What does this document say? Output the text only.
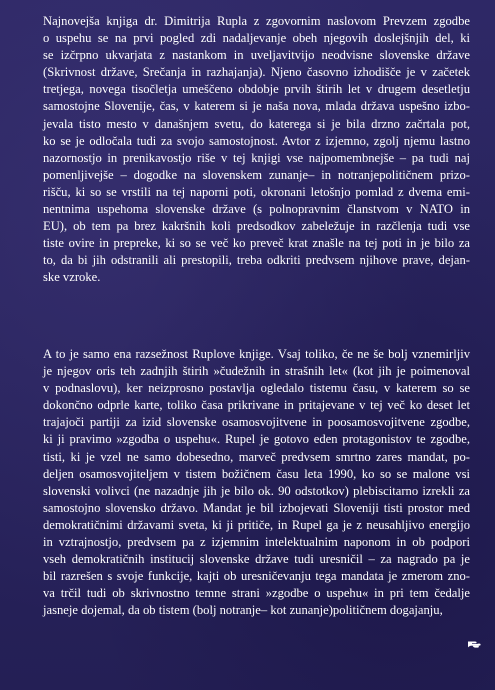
Najnovejša knjiga dr. Dimitrija Rupla z zgovornim naslovom Prevzem zgodbe
o uspehu se na prvi pogled zdi nadaljevanje obeh njegovih doslejšnjih del, ki
se izčrpno ukvarjata z nastankom in uveljavitvijo neodvisne slovenske države
(Skrivnost države, Srečanja in razhajanja). Njeno časovno izhodišče je v začetek
tretjega, novega tisočletja umeščeno obdobje prvih štirih let v drugem desetletju
samostojne Slovenije, čas, v katerem si je naša nova, mlada država uspešno izbo-
jevala tisto mesto v današnjem svetu, do katerega si je bila drzno začrtala pot,
ko se je odločala tudi za svojo samostojnost. Avtor z izjemno, zgolj njemu lastno
nazornostjo in prenikavostjo riše v tej knjigi vse najpomembnejše – pa tudi naj
pomenljivejše – dogodke na slovenskem zunanje– in notranjepolitičnem prizo-
rišču, ki so se vrstili na tej naporni poti, okronani letošnjo pomlad z dvema emi-
nentnima uspehoma slovenske države (s polnopravnim članstvom v NATO in
EU), ob tem pa brez kakršnih koli predsodkov zabeležuje in razčlenja tudi vse
tiste ovire in prepreke, ki so se več ko preveč krat znašle na tej poti in je bilo za
to, da bi jih odstranili ali prestopili, treba odkriti predvsem njihove prave, dejan-
ske vzroke.
A to je samo ena razsežnost Ruplove knjige. Vsaj toliko, če ne še bolj vznemirljiv
je njegov oris teh zadnjih štirih »čudežnih in strašnih let« (kot jih je poimenoval
v podnaslovu), ker neizprosno postavlja ogledalo tistemu času, v katerem so se
dokončno odprle karte, toliko časa prikrivane in pritajevane v tej več ko deset let
trajajoči partiji za izid slovenske osamosvojitvene in poosamosvojitvene zgodbe,
ki ji pravimo »zgodba o uspehu«. Rupel je gotovo eden protagonistov te zgodbe,
tisti, ki je vzel ne samo dobesedno, marveč predvsem smrtno zares mandat, po-
deljen osamosvojiteljem v tistem božičnem času leta 1990, ko so se malone vsi
slovenski volivci (ne nazadnje jih je bilo ok. 90 odstotkov) plebiscitarno izrekli za
samostojno slovensko državo. Mandat je bil izbojevati Sloveniji tisti prostor med
demokratičnimi državami sveta, ki ji pritiče, in Rupel ga je z neusahljivo energijo
in vztrajnostjo, predvsem pa z izjemnim intelektualnim naponom in ob podpori
vseh demokratičnih institucij slovenske države tudi uresničil – za nagrado pa je
bil razrešen s svoje funkcije, kajti ob uresničevanju tega mandata je zmerom zno-
va trčil tudi ob skrivnostno temne strani »zgodbe o uspehu« in pri tem čedalje
jasneje dojemal, da ob tistem (bolj notranje– kot zunanje)političnem dogajanju,
